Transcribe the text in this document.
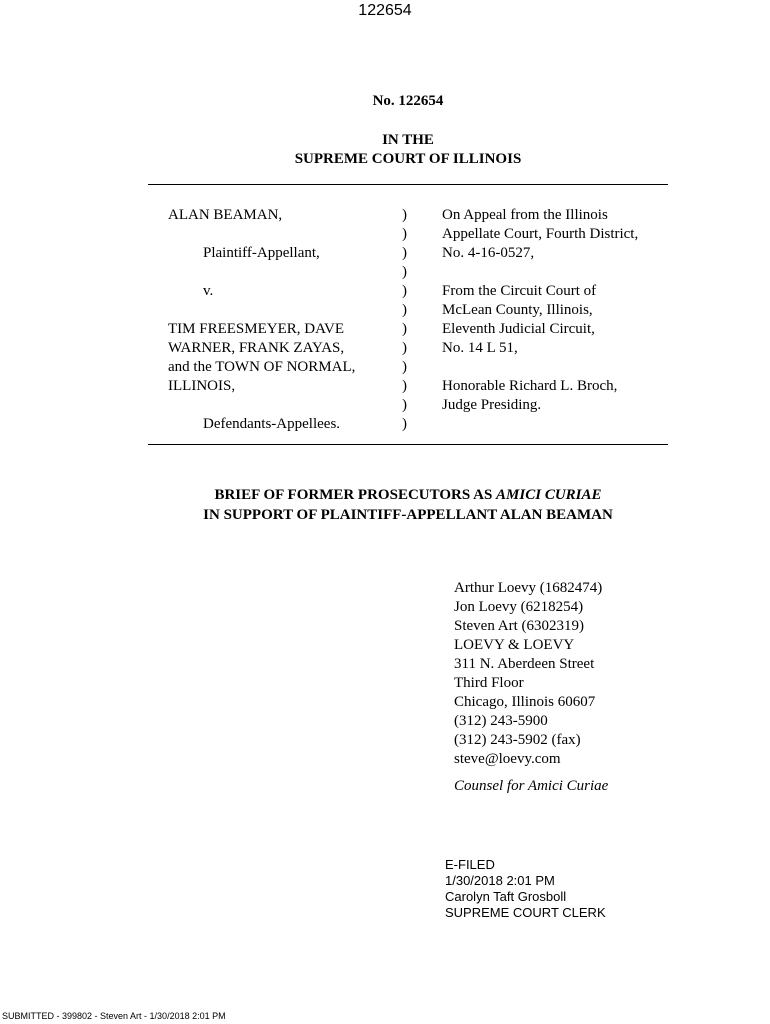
122654
No. 122654
IN THE
SUPREME COURT OF ILLINOIS
ALAN BEAMAN,
Plaintiff-Appellant,
v.
TIM FREESMEYER, DAVE
WARNER, FRANK ZAYAS,
and the TOWN OF NORMAL,
ILLINOIS,
Defendants-Appellees.
)
)
)
)
)
)
)
)
)
)
)
)
On Appeal from the Illinois
Appellate Court, Fourth District,
No. 4-16-0527,
From the Circuit Court of
McLean County, Illinois,
Eleventh Judicial Circuit,
No. 14 L 51,
Honorable Richard L. Broch,
Judge Presiding.
BRIEF OF FORMER PROSECUTORS AS AMICI CURIAE
IN SUPPORT OF PLAINTIFF-APPELLANT ALAN BEAMAN
Arthur Loevy (1682474)
Jon Loevy (6218254)
Steven Art (6302319)
LOEVY & LOEVY
311 N. Aberdeen Street
Third Floor
Chicago, Illinois 60607
(312) 243-5900
(312) 243-5902 (fax)
steve@loevy.com
Counsel for Amici Curiae
E-FILED
1/30/2018 2:01 PM
Carolyn Taft Grosboll
SUPREME COURT CLERK
SUBMITTED - 399802 - Steven Art - 1/30/2018 2:01 PM
